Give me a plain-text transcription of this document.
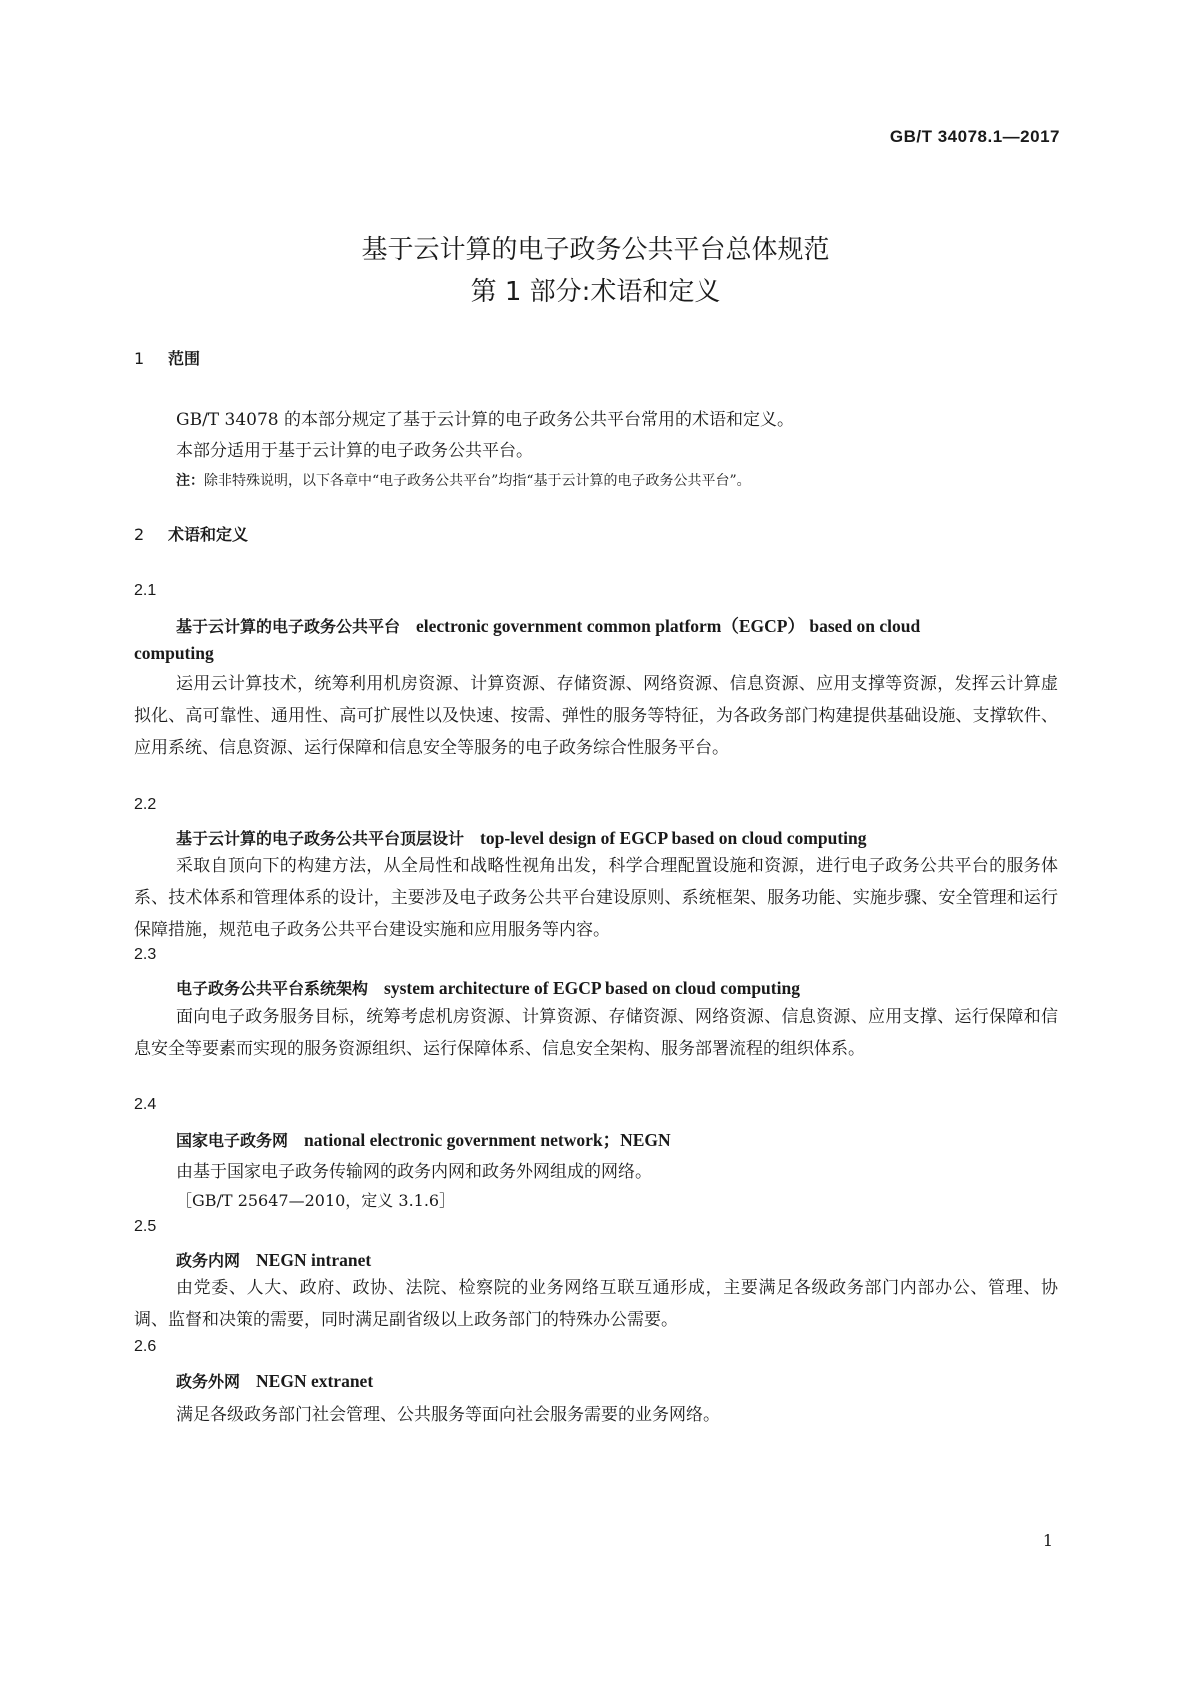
GB/T 34078.1—2017
基于云计算的电子政务公共平台总体规范
第 1 部分:术语和定义
1 范围
GB/T 34078 的本部分规定了基于云计算的电子政务公共平台常用的术语和定义。
本部分适用于基于云计算的电子政务公共平台。
注：除非特殊说明，以下各章中“电子政务公共平台”均指“基于云计算的电子政务公共平台”。
2 术语和定义
2.1
基于云计算的电子政务公共平台 electronic government common platform（EGCP） based on cloud
computing
运用云计算技术，统筹利用机房资源、计算资源、存储资源、网络资源、信息资源、应用支撑等资源，发挥云计算虚拟化、高可靠性、通用性、高可扩展性以及快速、按需、弹性的服务等特征，为各政务部门构建提供基础设施、支撑软件、应用系统、信息资源、运行保障和信息安全等服务的电子政务综合性服务平台。
2.2
基于云计算的电子政务公共平台顶层设计 top-level design of EGCP based on cloud computing
采取自顶向下的构建方法，从全局性和战略性视角出发，科学合理配置设施和资源，进行电子政务公共平台的服务体系、技术体系和管理体系的设计，主要涉及电子政务公共平台建设原则、系统框架、服务功能、实施步骤、安全管理和运行保障措施，规范电子政务公共平台建设实施和应用服务等内容。
2.3
电子政务公共平台系统架构 system architecture of EGCP based on cloud computing
面向电子政务服务目标，统筹考虑机房资源、计算资源、存储资源、网络资源、信息资源、应用支撑、运行保障和信息安全等要素而实现的服务资源组织、运行保障体系、信息安全架构、服务部署流程的组织体系。
2.4
国家电子政务网 national electronic government network；NEGN
由基于国家电子政务传输网的政务内网和政务外网组成的网络。
［GB/T 25647—2010，定义 3.1.6］
2.5
政务内网 NEGN intranet
由党委、人大、政府、政协、法院、检察院的业务网络互联互通形成，主要满足各级政务部门内部办公、管理、协调、监督和决策的需要，同时满足副省级以上政务部门的特殊办公需要。
2.6
政务外网 NEGN extranet
满足各级政务部门社会管理、公共服务等面向社会服务需要的业务网络。
1
